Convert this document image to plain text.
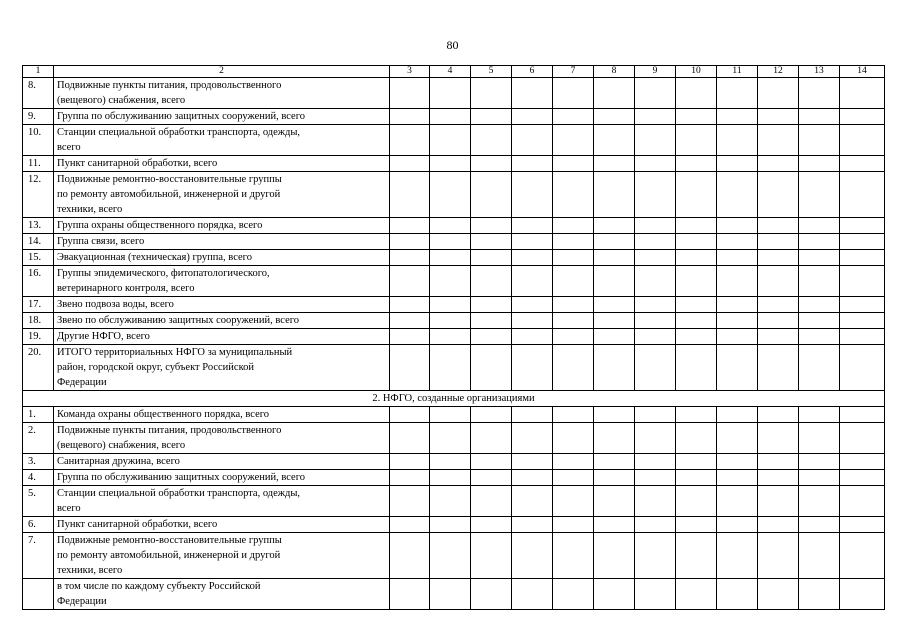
80
1	2	3	4	5	6	7	8	9	10	11	12	13	14
8.	Подвижные пункты питания, продовольственного
(вещевого) снабжения, всего												

9.	Группа по обслуживанию защитных сооружений, всего												

10.	Станции специальной обработки транспорта, одежды,
всего												

11.	Пункт санитарной обработки, всего												

12.	Подвижные ремонтно-восстановительные группы
по ремонту автомобильной, инженерной и другой
техники, всего												

13.	Группа охраны общественного порядка, всего												

14.	Группа связи, всего												

15.	Эвакуационная (техническая) группа, всего												

16.	Группы эпидемического, фитопатологического,
ветеринарного контроля, всего												

17.	Звено подвоза воды, всего												

18.	Звено по обслуживанию защитных сооружений, всего												

19.	Другие НФГО, всего												

20.	ИТОГО территориальных НФГО за муниципальный
район, городской округ, субъект Российской
Федерации												

2. НФГО, созданные организациями													
1.	Команда охраны общественного порядка, всего												

2.	Подвижные пункты питания, продовольственного
(вещевого) снабжения, всего												

3.	Санитарная дружина, всего												

4.	Группа по обслуживанию защитных сооружений, всего												

5.	Станции специальной обработки транспорта, одежды,
всего												

6.	Пункт санитарной обработки, всего												

7.	Подвижные ремонтно-восстановительные группы
по ремонту автомобильной, инженерной и другой
техники, всего												

	в том числе по каждому субъекту Российской
Федерации												
